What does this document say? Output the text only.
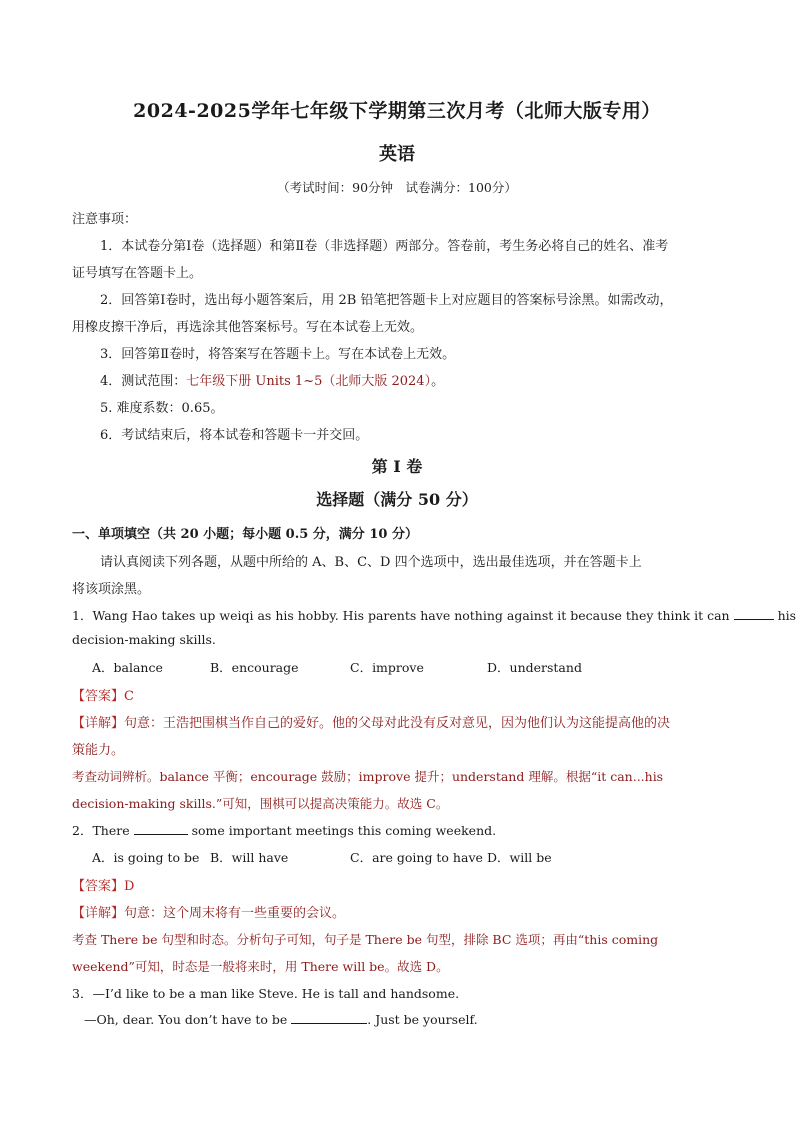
2024-2025学年七年级下学期第三次月考（北师大版专用）
英语
（考试时间：90分钟　试卷满分：100分）
注意事项：
1．本试卷分第Ⅰ卷（选择题）和第Ⅱ卷（非选择题）两部分。答卷前，考生务必将自己的姓名、准考
证号填写在答题卡上。
2．回答第Ⅰ卷时，选出每小题答案后，用 2B 铅笔把答题卡上对应题目的答案标号涂黑。如需改动，
用橡皮擦干净后，再选涂其他答案标号。写在本试卷上无效。
3．回答第Ⅱ卷时，将答案写在答题卡上。写在本试卷上无效。
4．测试范围：七年级下册 Units 1~5（北师大版 2024）。
5. 难度系数：0.65。
6．考试结束后，将本试卷和答题卡一并交回。
第 I 卷
选择题（满分 50 分）
一、单项填空（共 20 小题；每小题 0.5 分，满分 10 分）
请认真阅读下列各题，从题中所给的 A、B、C、D 四个选项中，选出最佳选项，并在答题卡上
将该项涂黑。
1．Wang Hao takes up weiqi as his hobby. His parents have nothing against it because they think it can	his
decision-making skills.
A．balance	B．encourage	C．improve	D．understand
【答案】C
【详解】句意：王浩把围棋当作自己的爱好。他的父母对此没有反对意见，因为他们认为这能提高他的决
策能力。
考查动词辨析。balance 平衡；encourage 鼓励；improve 提升；understand 理解。根据“it can...his
decision-making skills.”可知，围棋可以提高决策能力。故选 C。
2．There	some important meetings this coming weekend.
A．is going to be B．will have	C．are going to have D．will be
【答案】D
【详解】句意：这个周末将有一些重要的会议。
考查 There be 句型和时态。分析句子可知，句子是 There be 句型，排除 BC 选项；再由“this coming
weekend”可知，时态是一般将来时，用 There will be。故选 D。
3．—I’d like to be a man like Steve. He is tall and handsome.
—Oh, dear. You don’t have to be	. Just be yourself.
